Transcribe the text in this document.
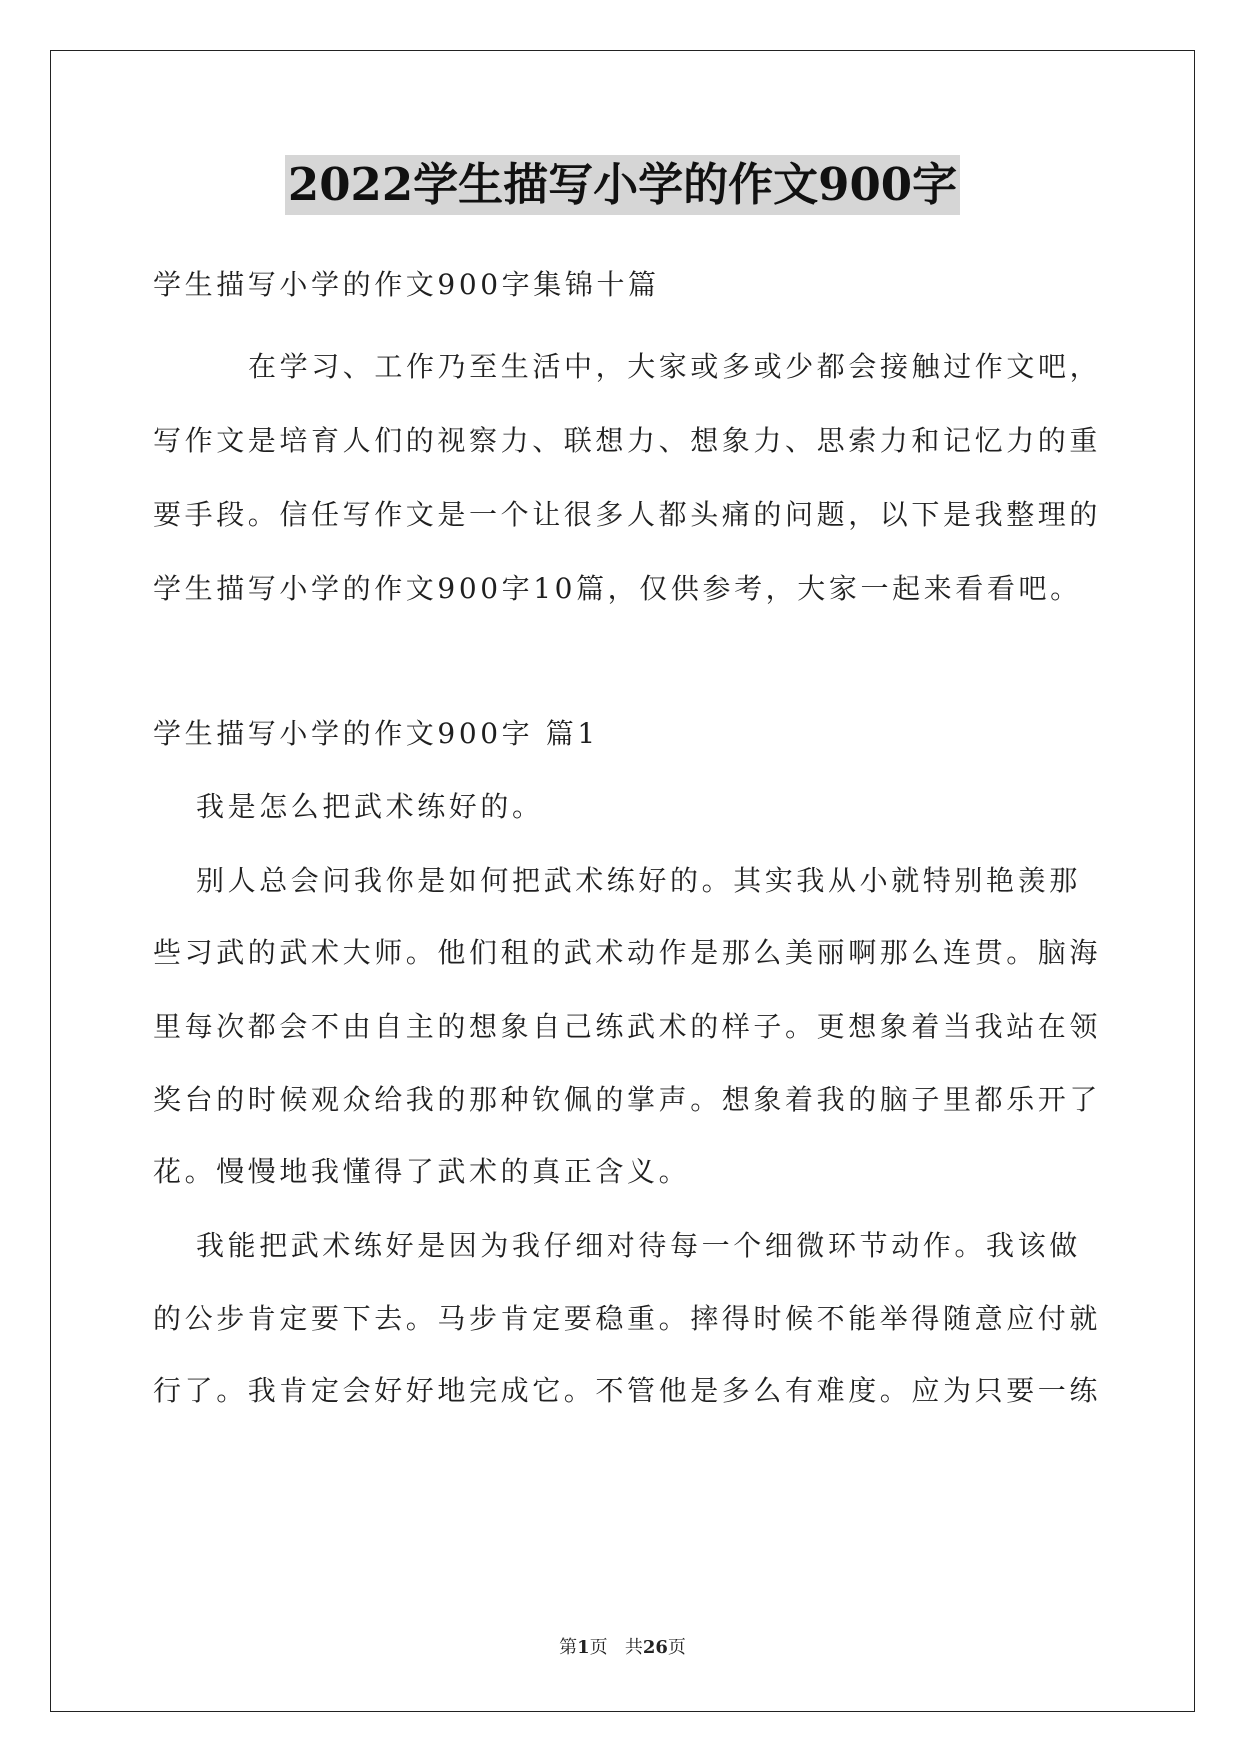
2022学生描写小学的作文900字
学生描写小学的作文900字集锦十篇
在学习、工作乃至生活中，大家或多或少都会接触过作文吧，
写作文是培育人们的视察力、联想力、想象力、思索力和记忆力的重
要手段。信任写作文是一个让很多人都头痛的问题，以下是我整理的
学生描写小学的作文900字10篇，仅供参考，大家一起来看看吧。
学生描写小学的作文900字 篇1
我是怎么把武术练好的。
别人总会问我你是如何把武术练好的。其实我从小就特别艳羡那
些习武的武术大师。他们租的武术动作是那么美丽啊那么连贯。脑海
里每次都会不由自主的想象自己练武术的样子。更想象着当我站在领
奖台的时候观众给我的那种钦佩的掌声。想象着我的脑子里都乐开了
花。慢慢地我懂得了武术的真正含义。
我能把武术练好是因为我仔细对待每一个细微环节动作。我该做
的公步肯定要下去。马步肯定要稳重。摔得时候不能举得随意应付就
行了。我肯定会好好地完成它。不管他是多么有难度。应为只要一练
第1页 共26页
